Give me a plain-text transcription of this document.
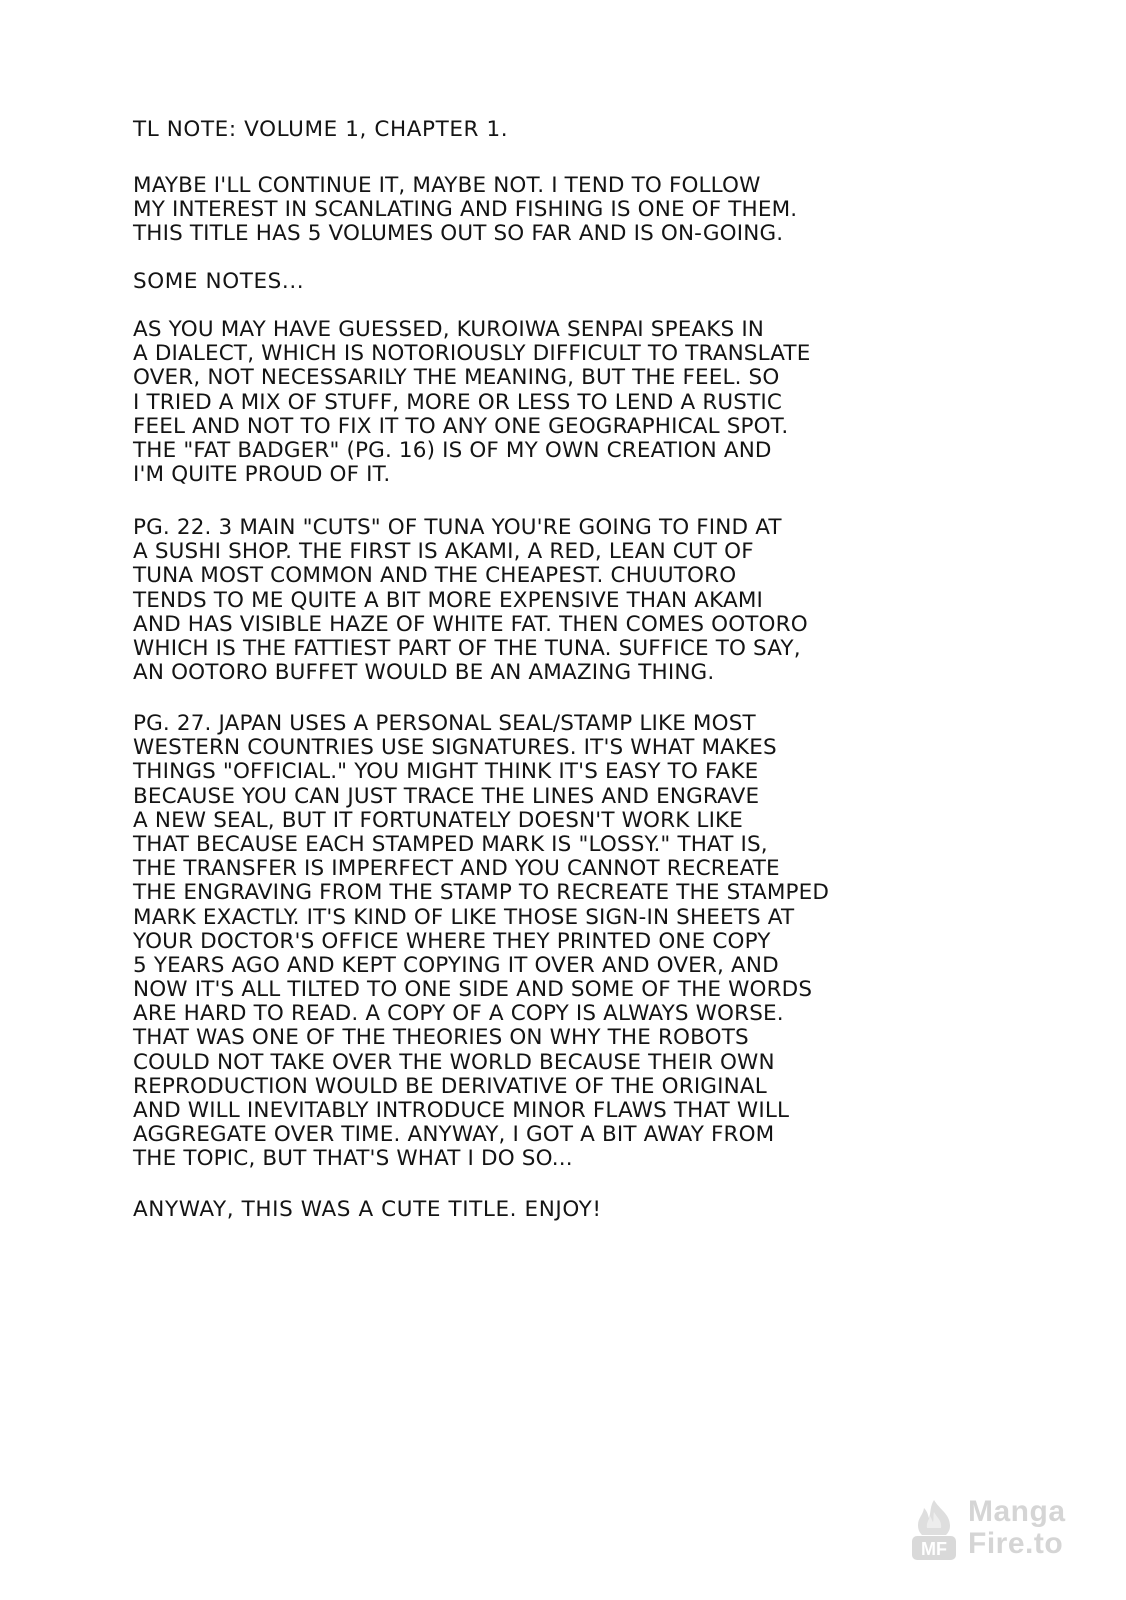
TL NOTE: VOLUME 1, CHAPTER 1.
MAYBE I'LL CONTINUE IT, MAYBE NOT. I TEND TO FOLLOW
MY INTEREST IN SCANLATING AND FISHING IS ONE OF THEM.
THIS TITLE HAS 5 VOLUMES OUT SO FAR AND IS ON-GOING.
SOME NOTES...
AS YOU MAY HAVE GUESSED, KUROIWA SENPAI SPEAKS IN
A DIALECT, WHICH IS NOTORIOUSLY DIFFICULT TO TRANSLATE
OVER, NOT NECESSARILY THE MEANING, BUT THE FEEL. SO
I TRIED A MIX OF STUFF, MORE OR LESS TO LEND A RUSTIC
FEEL AND NOT TO FIX IT TO ANY ONE GEOGRAPHICAL SPOT.
THE "FAT BADGER" (PG. 16) IS OF MY OWN CREATION AND
I'M QUITE PROUD OF IT.
PG. 22. 3 MAIN "CUTS" OF TUNA YOU'RE GOING TO FIND AT
A SUSHI SHOP. THE FIRST IS AKAMI, A RED, LEAN CUT OF
TUNA MOST COMMON AND THE CHEAPEST. CHUUTORO
TENDS TO ME QUITE A BIT MORE EXPENSIVE THAN AKAMI
AND HAS VISIBLE HAZE OF WHITE FAT. THEN COMES OOTORO
WHICH IS THE FATTIEST PART OF THE TUNA. SUFFICE TO SAY,
AN OOTORO BUFFET WOULD BE AN AMAZING THING.
PG. 27. JAPAN USES A PERSONAL SEAL/STAMP LIKE MOST
WESTERN COUNTRIES USE SIGNATURES. IT'S WHAT MAKES
THINGS "OFFICIAL." YOU MIGHT THINK IT'S EASY TO FAKE
BECAUSE YOU CAN JUST TRACE THE LINES AND ENGRAVE
A NEW SEAL, BUT IT FORTUNATELY DOESN'T WORK LIKE
THAT BECAUSE EACH STAMPED MARK IS "LOSSY." THAT IS,
THE TRANSFER IS IMPERFECT AND YOU CANNOT RECREATE
THE ENGRAVING FROM THE STAMP TO RECREATE THE STAMPED
MARK EXACTLY. IT'S KIND OF LIKE THOSE SIGN-IN SHEETS AT
YOUR DOCTOR'S OFFICE WHERE THEY PRINTED ONE COPY
5 YEARS AGO AND KEPT COPYING IT OVER AND OVER, AND
NOW IT'S ALL TILTED TO ONE SIDE AND SOME OF THE WORDS
ARE HARD TO READ. A COPY OF A COPY IS ALWAYS WORSE.
THAT WAS ONE OF THE THEORIES ON WHY THE ROBOTS
COULD NOT TAKE OVER THE WORLD BECAUSE THEIR OWN
REPRODUCTION WOULD BE DERIVATIVE OF THE ORIGINAL
AND WILL INEVITABLY INTRODUCE MINOR FLAWS THAT WILL
AGGREGATE OVER TIME. ANYWAY, I GOT A BIT AWAY FROM
THE TOPIC, BUT THAT'S WHAT I DO SO...
ANYWAY, THIS WAS A CUTE TITLE. ENJOY!
MF
Manga
Fire.to
